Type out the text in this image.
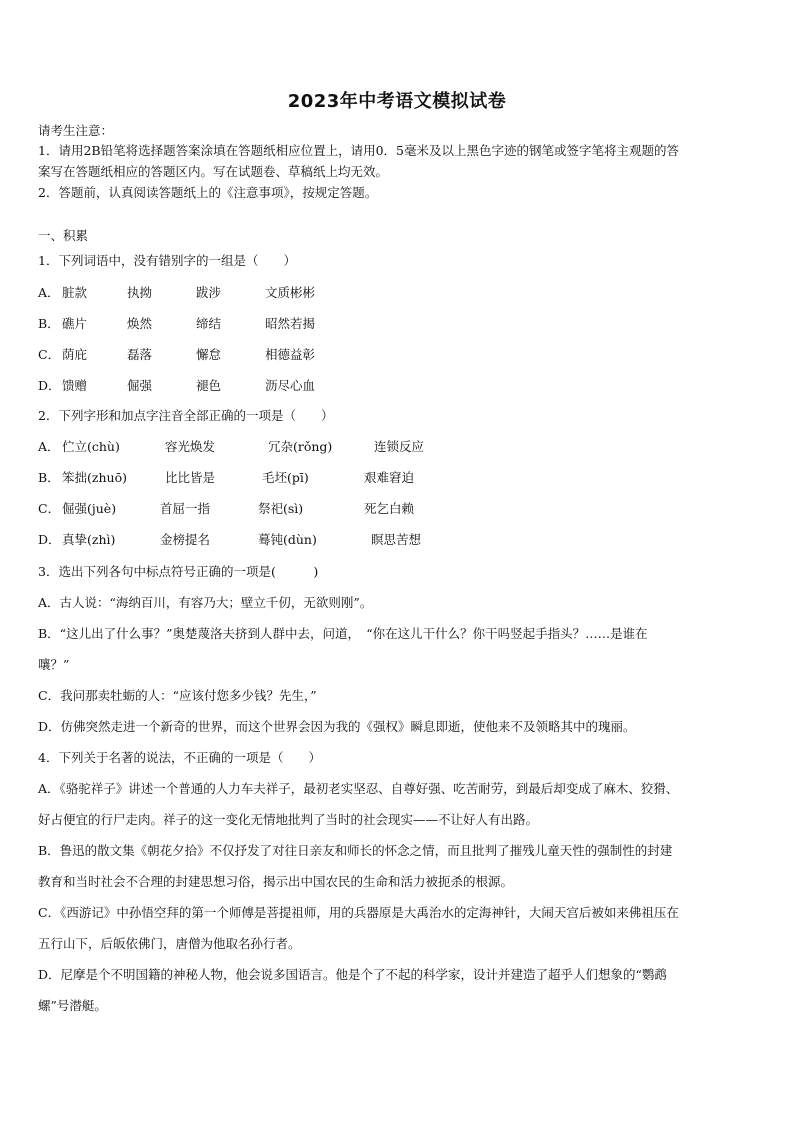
2023年中考语文模拟试卷
请考生注意：
1．请用2B铅笔将选择题答案涂填在答题纸相应位置上，请用0．5毫米及以上黑色字迹的钢笔或签字笔将主观题的答
案写在答题纸相应的答题区内。写在试题卷、草稿纸上均无效。
2．答题前，认真阅读答题纸上的《注意事项》，按规定答题。
一、积累
1．下列词语中，没有错别字的一组是（　　）
A． 脏款	执拗	跋涉	文质彬彬
B． 礁片	焕然	缔结	昭然若揭
C． 荫庇	磊落	懈怠	相德益彰
D． 馈赠	倔强	褪色	沥尽心血
2．下列字形和加点字注音全部正确的一项是（　　）
A． 伫立(chù)	容光焕发	冗杂(rǒng)	连锁反应
B． 笨拙(zhuō)	比比皆是	毛坯(pī)	艰难窘迫
C． 倔强(juè)	首屈一指	祭祀(sì)	死乞白赖
D． 真挚(zhì)	金榜提名	蓦钝(dùn)	瞑思苦想
3．选出下列各句中标点符号正确的一项是(　　　)
A．古人说：“海纳百川，有容乃大；壁立千仞，无欲则刚”。
B．“这儿出了什么事？”奥楚蔑洛夫挤到人群中去，问道，　“你在这儿干什么？你干吗竖起手指头？……是谁在
嚷？”
C．我问那卖牡蛎的人：“应该付您多少钱？先生，”
D．仿佛突然走进一个新奇的世界，而这个世界会因为我的《强权》瞬息即逝，使他来不及领略其中的瑰丽。
4．下列关于名著的说法，不正确的一项是（　　）
A．《骆驼祥子》讲述一个普通的人力车夫祥子，最初老实坚忍、自尊好强、吃苦耐劳，到最后却变成了麻木、狡猾、
好占便宜的行尸走肉。祥子的这一变化无情地批判了当时的社会现实——不让好人有出路。
B．鲁迅的散文集《朝花夕拾》不仅抒发了对往日亲友和师长的怀念之情，而且批判了摧残儿童天性的强制性的封建
教育和当时社会不合理的封建思想习俗，揭示出中国农民的生命和活力被扼杀的根源。
C．《西游记》中孙悟空拜的第一个师傅是菩提祖师，用的兵器原是大禹治水的定海神针，大闹天宫后被如来佛祖压在
五行山下，后皈依佛门，唐僧为他取名孙行者。
D．尼摩是个不明国籍的神秘人物，他会说多国语言。他是个了不起的科学家，设计并建造了超乎人们想象的“鹦鹉
螺”号潜艇。
